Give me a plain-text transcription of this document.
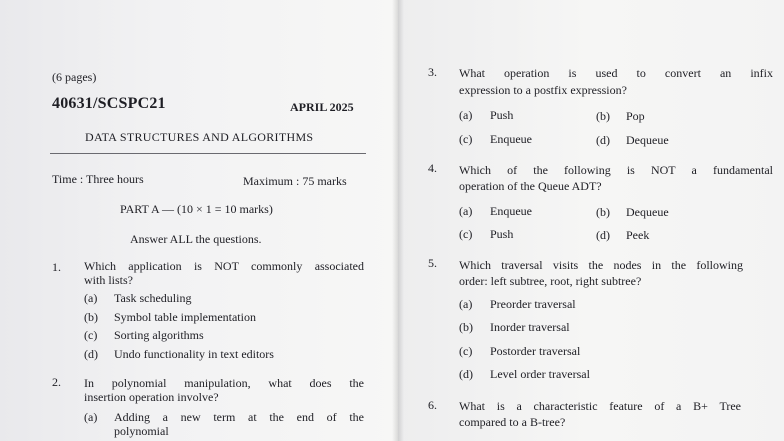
(6 pages)
40631/SCSPC21	APRIL 2025
DATA STRUCTURES AND ALGORITHMS
Time : Three hours	Maximum : 75 marks
PART A — (10 × 1 = 10 marks)
Answer ALL the questions.
1. Which application is NOT commonly associated
with lists?
(a) Task scheduling
(b) Symbol table implementation
(c) Sorting algorithms
(d) Undo functionality in text editors
2. In polynomial manipulation, what does the
insertion operation involve?
(a) Adding a new term at the end of the
polynomial
3. What operation is used to convert an infix
expression to a postfix expression?
(a) Push	(b) Pop
(c) Enqueue	(d) Dequeue
4. Which of the following is NOT a fundamental
operation of the Queue ADT?
(a) Enqueue	(b) Dequeue
(c) Push	(d) Peek
5. Which traversal visits the nodes in the following
order: left subtree, root, right subtree?
(a) Preorder traversal
(b) Inorder traversal
(c) Postorder traversal
(d) Level order traversal
6. What is a characteristic feature of a B+ Tree
compared to a B-tree?
